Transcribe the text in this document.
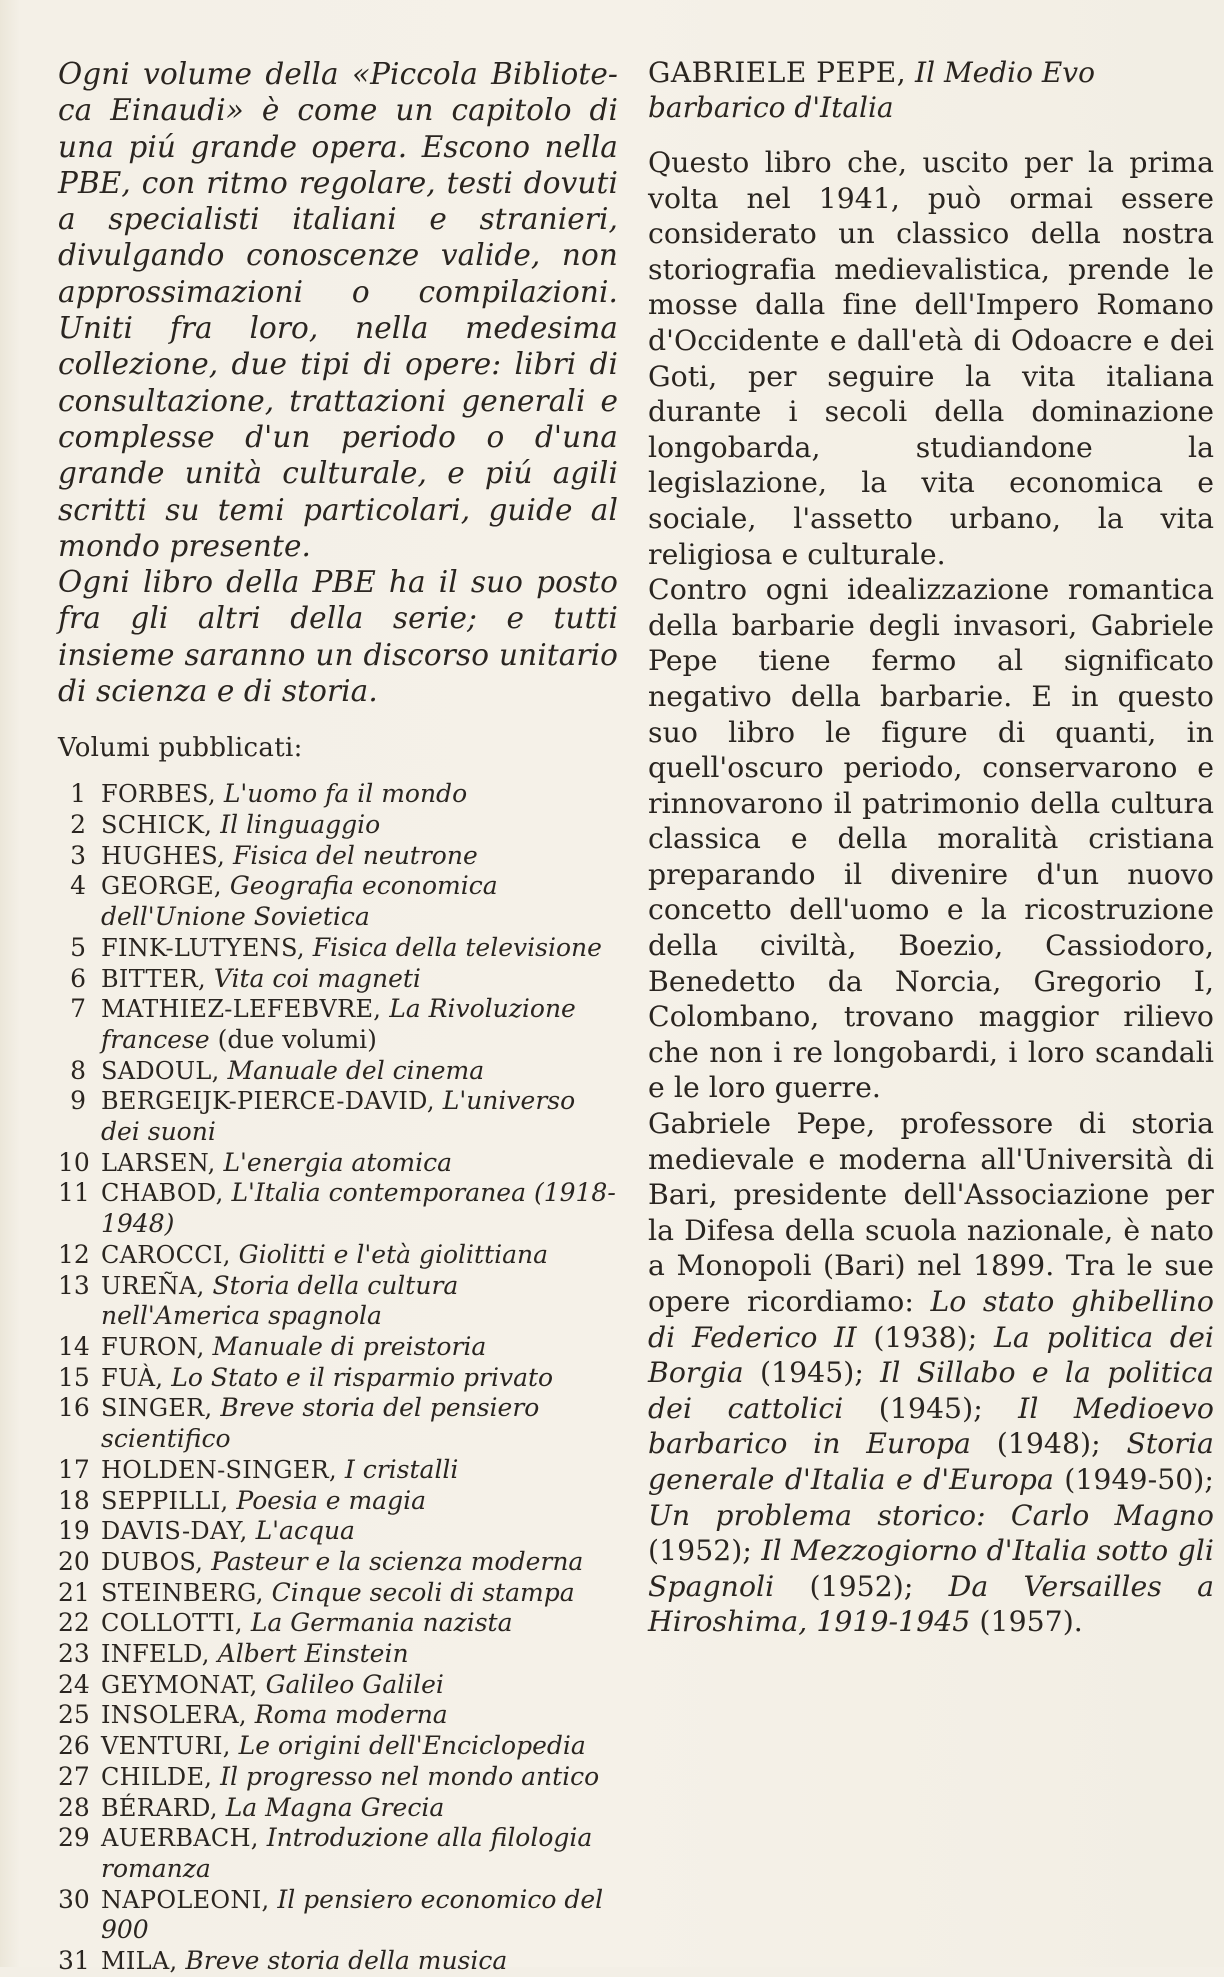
Ogni volume della «Piccola Bibliote-ca Einaudi» è come un capitolo di una piú grande opera. Escono nella PBE, con ritmo regolare, testi dovuti a specialisti italiani e stranieri, divulgando conoscenze valide, non approssimazioni o compilazioni. Uniti fra loro, nella medesima collezione, due tipi di opere: libri di consultazione, trattazioni generali e complesse d'un periodo o d'una grande unità culturale, e piú agili scritti su temi particolari, guide al mondo presente.

Ogni libro della PBE ha il suo posto fra gli altri della serie; e tutti insieme saranno un discorso unitario di scienza e di storia.

Volumi pubblicati:
1 FORBES, L'uomo fa il mondo
2 SCHICK, Il linguaggio
3 HUGHES, Fisica del neutrone
4 GEORGE, Geografia economica dell'Unione Sovietica
5 FINK-LUTYENS, Fisica della televisione
6 BITTER, Vita coi magneti
7 MATHIEZ-LEFEBVRE, La Rivoluzione francese (due volumi)
8 SADOUL, Manuale del cinema
9 BERGEIJK-PIERCE-DAVID, L'universo dei suoni
10 LARSEN, L'energia atomica
11 CHABOD, L'Italia contemporanea (1918-1948)
12 CAROCCI, Giolitti e l'età giolittiana
13 UREÑA, Storia della cultura nell'America spagnola
14 FURON, Manuale di preistoria
15 FUÀ, Lo Stato e il risparmio privato
16 SINGER, Breve storia del pensiero scientifico
17 HOLDEN-SINGER, I cristalli
18 SEPPILLI, Poesia e magia
19 DAVIS-DAY, L'acqua
20 DUBOS, Pasteur e la scienza moderna
21 STEINBERG, Cinque secoli di stampa
22 COLLOTTI, La Germania nazista
23 INFELD, Albert Einstein
24 GEYMONAT, Galileo Galilei
25 INSOLERA, Roma moderna
26 VENTURI, Le origini dell'Enciclopedia
27 CHILDE, Il progresso nel mondo antico
28 BÉRARD, La Magna Grecia
29 AUERBACH, Introduzione alla filologia romanza
30 NAPOLEONI, Il pensiero economico del 900
31 MILA, Breve storia della musica
GABRIELE PEPE, Il Medio Evo barbarico d'Italia

Questo libro che, uscito per la prima volta nel 1941, può ormai essere considerato un classico della nostra storiografia medievalistica, prende le mosse dalla fine dell'Impero Romano d'Occidente e dall'età di Odoacre e dei Goti, per seguire la vita italiana durante i secoli della dominazione longobarda, studiandone la legislazione, la vita economica e sociale, l'assetto urbano, la vita religiosa e culturale.

Contro ogni idealizzazione romantica della barbarie degli invasori, Gabriele Pepe tiene fermo al significato negativo della barbarie. E in questo suo libro le figure di quanti, in quell'oscuro periodo, conservarono e rinnovarono il patrimonio della cultura classica e della moralità cristiana preparando il divenire d'un nuovo concetto dell'uomo e la ricostruzione della civiltà, Boezio, Cassiodoro, Benedetto da Norcia, Gregorio I, Colombano, trovano maggior rilievo che non i re longobardi, i loro scandali e le loro guerre.

Gabriele Pepe, professore di storia medievale e moderna all'Università di Bari, presidente dell'Associazione per la Difesa della scuola nazionale, è nato a Monopoli (Bari) nel 1899. Tra le sue opere ricordiamo: Lo stato ghibellino di Federico II (1938); La politica dei Borgia (1945); Il Sillabo e la politica dei cattolici (1945); Il Medioevo barbarico in Europa (1948); Storia generale d'Italia e d'Europa (1949-50); Un problema storico: Carlo Magno (1952); Il Mezzogiorno d'Italia sotto gli Spagnoli (1952); Da Versailles a Hiroshima, 1919-1945 (1957).
